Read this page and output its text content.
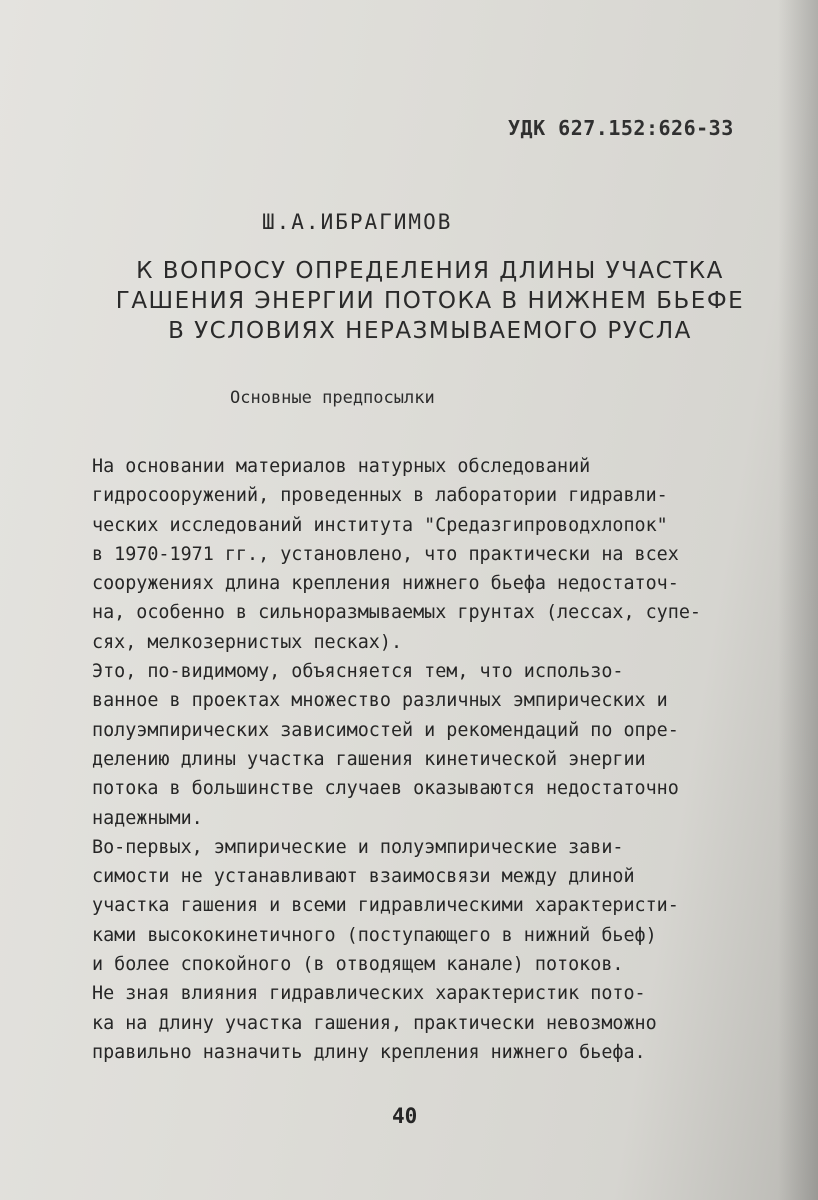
УДК 627.152:626-33
Ш.А.ИБРАГИМОВ
К ВОПРОСУ ОПРЕДЕЛЕНИЯ ДЛИНЫ УЧАСТКА
ГАШЕНИЯ ЭНЕРГИИ ПОТОКА В НИЖНЕМ БЬЕФЕ
В УСЛОВИЯХ НЕРАЗМЫВАЕМОГО РУСЛА
Основные предпосылки
На основании материалов натурных обследований
гидросооружений, проведенных в лаборатории гидравли-
ческих исследований института "Средазгипроводхлопок"
в 1970-1971 гг., установлено, что практически на всех
сооружениях длина крепления нижнего бьефа недостаточ-
на, особенно в сильноразмываемых грунтах (лессах, супе-
сях, мелкозернистых песках).
Это, по-видимому, объясняется тем, что использо-
ванное в проектах множество различных эмпирических и
полуэмпирических зависимостей и рекомендаций по опре-
делению длины участка гашения кинетической энергии
потока в большинстве случаев оказываются недостаточно
надежными.
Во-первых, эмпирические и полуэмпирические зави-
симости не устанавливают взаимосвязи между длиной
участка гашения и всеми гидравлическими характеристи-
ками высококинетичного (поступающего в нижний бьеф)
и более спокойного (в отводящем канале) потоков.
Не зная влияния гидравлических характеристик пото-
ка на длину участка гашения, практически невозможно
правильно назначить длину крепления нижнего бьефа.
40
